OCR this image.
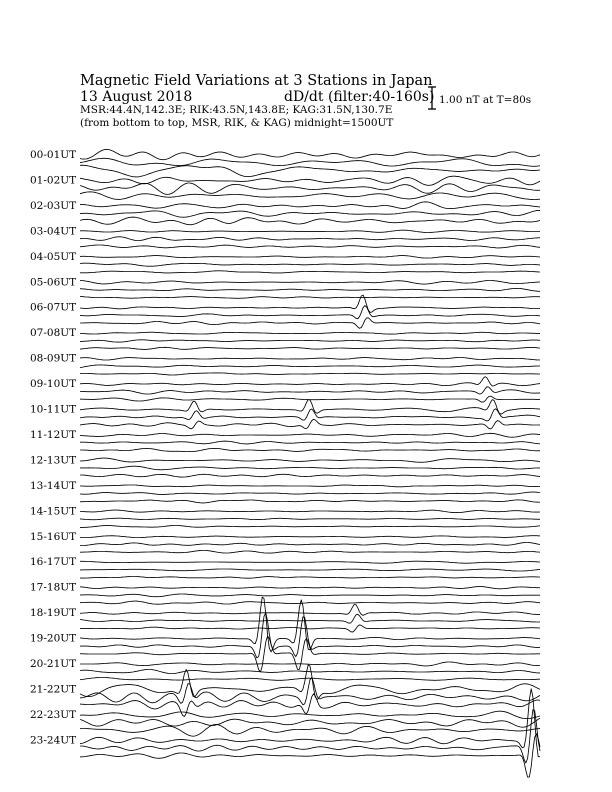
Magnetic Field Variations at 3 Stations in Japan
13 August 2018	dD/dt (filter:40-160s)
MSR:44.4N,142.3E; RIK:43.5N,143.8E; KAG:31.5N,130.7E
(from bottom to top, MSR, RIK, & KAG) midnight=1500UT
1.00 nT at T=80s
00-01UT
01-02UT
02-03UT
03-04UT
04-05UT
05-06UT
06-07UT
07-08UT
08-09UT
09-10UT
10-11UT
11-12UT
12-13UT
13-14UT
14-15UT
15-16UT
16-17UT
17-18UT
18-19UT
19-20UT
20-21UT
21-22UT
22-23UT
23-24UT
